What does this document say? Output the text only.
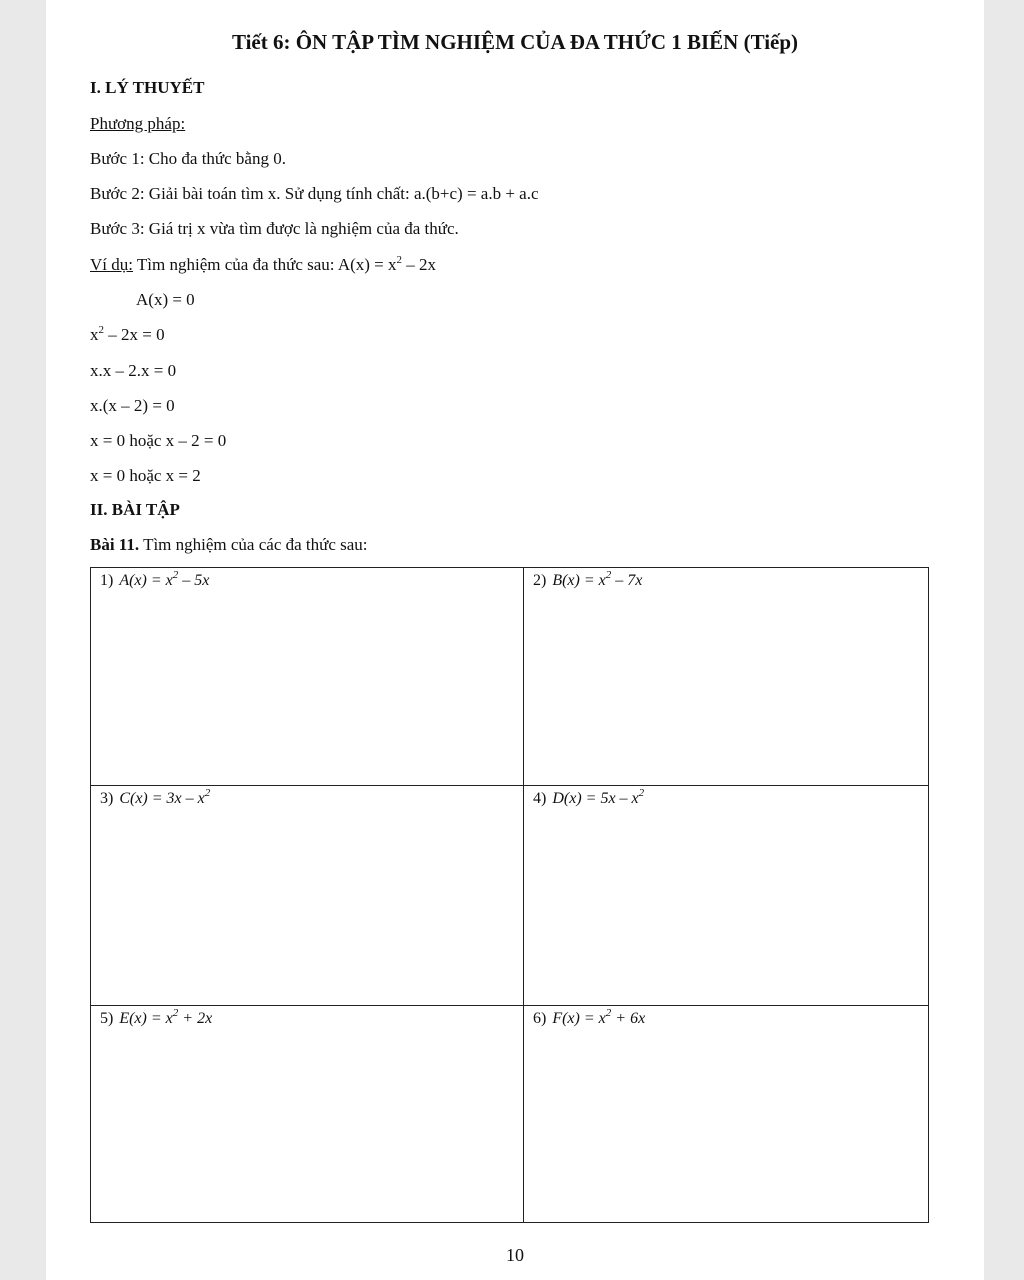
Tiết 6: ÔN TẬP TÌM NGHIỆM CỦA ĐA THỨC 1 BIẾN (Tiếp)
I. LÝ THUYẾT
Phương pháp:
Bước 1: Cho đa thức bằng 0.
Bước 2: Giải bài toán tìm x. Sử dụng tính chất: a.(b+c) = a.b + a.c
Bước 3: Giá trị x vừa tìm được là nghiệm của đa thức.
Ví dụ: Tìm nghiệm của đa thức sau: $A(x) = x^2 - 2x$
A(x) = 0
$x^2 - 2x = 0$
x.x – 2.x = 0
x.(x – 2) = 0
x = 0 hoặc x – 2 = 0
x = 0 hoặc x = 2
II. BÀI TẬP
Bài 11. Tìm nghiệm của các đa thức sau:
1) $A(x) = x^2 - 5x$	2) $B(x) = x^2 - 7x$
3) $C(x) = 3x - x^2$	4) $D(x) = 5x - x^2$
5) $E(x) = x^2 + 2x$	6) $F(x) = x^2 + 6x$
10
